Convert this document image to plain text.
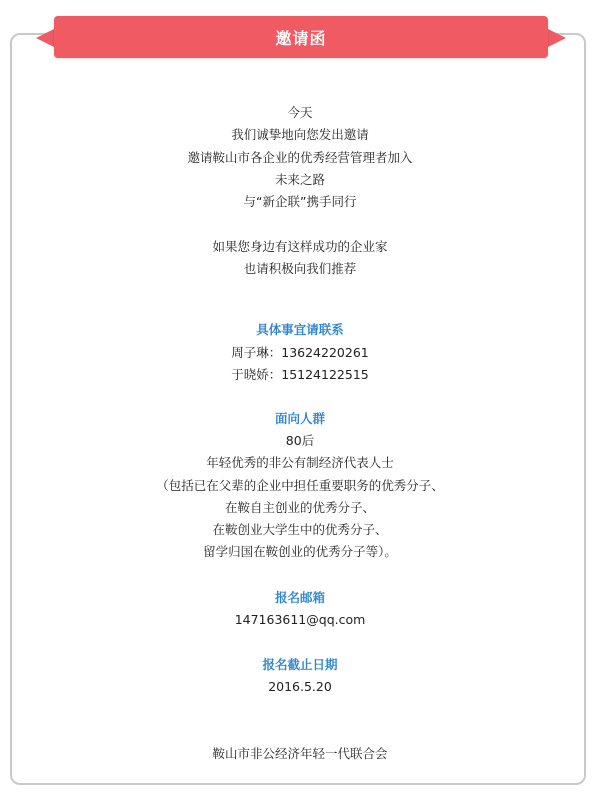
邀请函
今天
我们诚挚地向您发出邀请
邀请鞍山市各企业的优秀经营管理者加入
未来之路
与“新企联”携手同行
如果您身边有这样成功的企业家
也请积极向我们推荐
具体事宜请联系
周子琳：13624220261
于晓娇：15124122515
面向人群
80后
年轻优秀的非公有制经济代表人士
（包括已在父辈的企业中担任重要职务的优秀分子、
在鞍自主创业的优秀分子、
在鞍创业大学生中的优秀分子、
留学归国在鞍创业的优秀分子等）。
报名邮箱
147163611@qq.com
报名截止日期
2016.5.20
鞍山市非公经济年轻一代联合会
